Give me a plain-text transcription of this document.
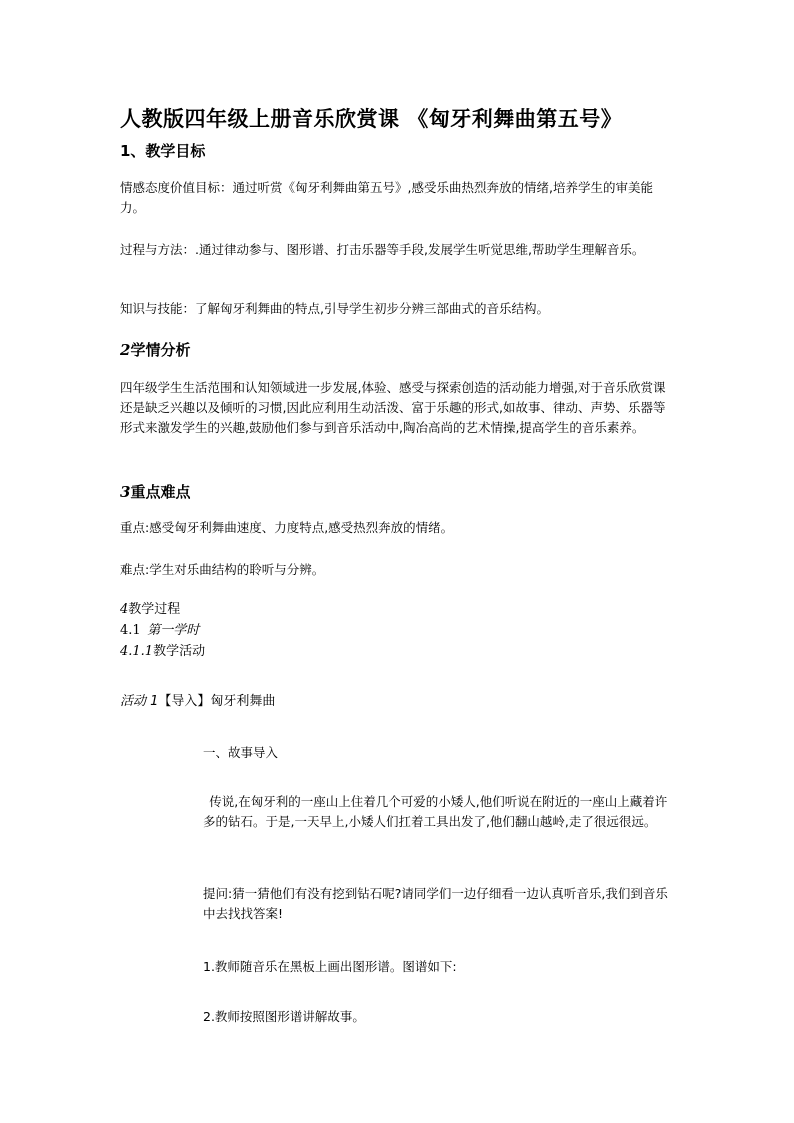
人教版四年级上册音乐欣赏课 《匈牙利舞曲第五号》
1、教学目标
情感态度价值目标：通过听赏《匈牙利舞曲第五号》,感受乐曲热烈奔放的情绪,培养学生的审美能力。
过程与方法：.通过律动参与、图形谱、打击乐器等手段,发展学生听觉思维,帮助学生理解音乐。
知识与技能：了解匈牙利舞曲的特点,引导学生初步分辨三部曲式的音乐结构。
2学情分析
四年级学生生活范围和认知领域进一步发展,体验、感受与探索创造的活动能力增强,对于音乐欣赏课还是缺乏兴趣以及倾听的习惯,因此应利用生动活泼、富于乐趣的形式,如故事、律动、声势、乐器等形式来激发学生的兴趣,鼓励他们参与到音乐活动中,陶冶高尚的艺术情操,提高学生的音乐素养。
3重点难点
重点:感受匈牙利舞曲速度、力度特点,感受热烈奔放的情绪。
难点:学生对乐曲结构的聆听与分辨。
4教学过程
4.1 第一学时
4.1.1教学活动
活动 1【导入】匈牙利舞曲
一、故事导入
传说,在匈牙利的一座山上住着几个可爱的小矮人,他们听说在附近的一座山上藏着许多的钻石。于是,一天早上,小矮人们扛着工具出发了,他们翻山越岭,走了很远很远。
提问:猜一猜他们有没有挖到钻石呢?请同学们一边仔细看一边认真听音乐,我们到音乐中去找找答案!
1.教师随音乐在黑板上画出图形谱。图谱如下:
2.教师按照图形谱讲解故事。
